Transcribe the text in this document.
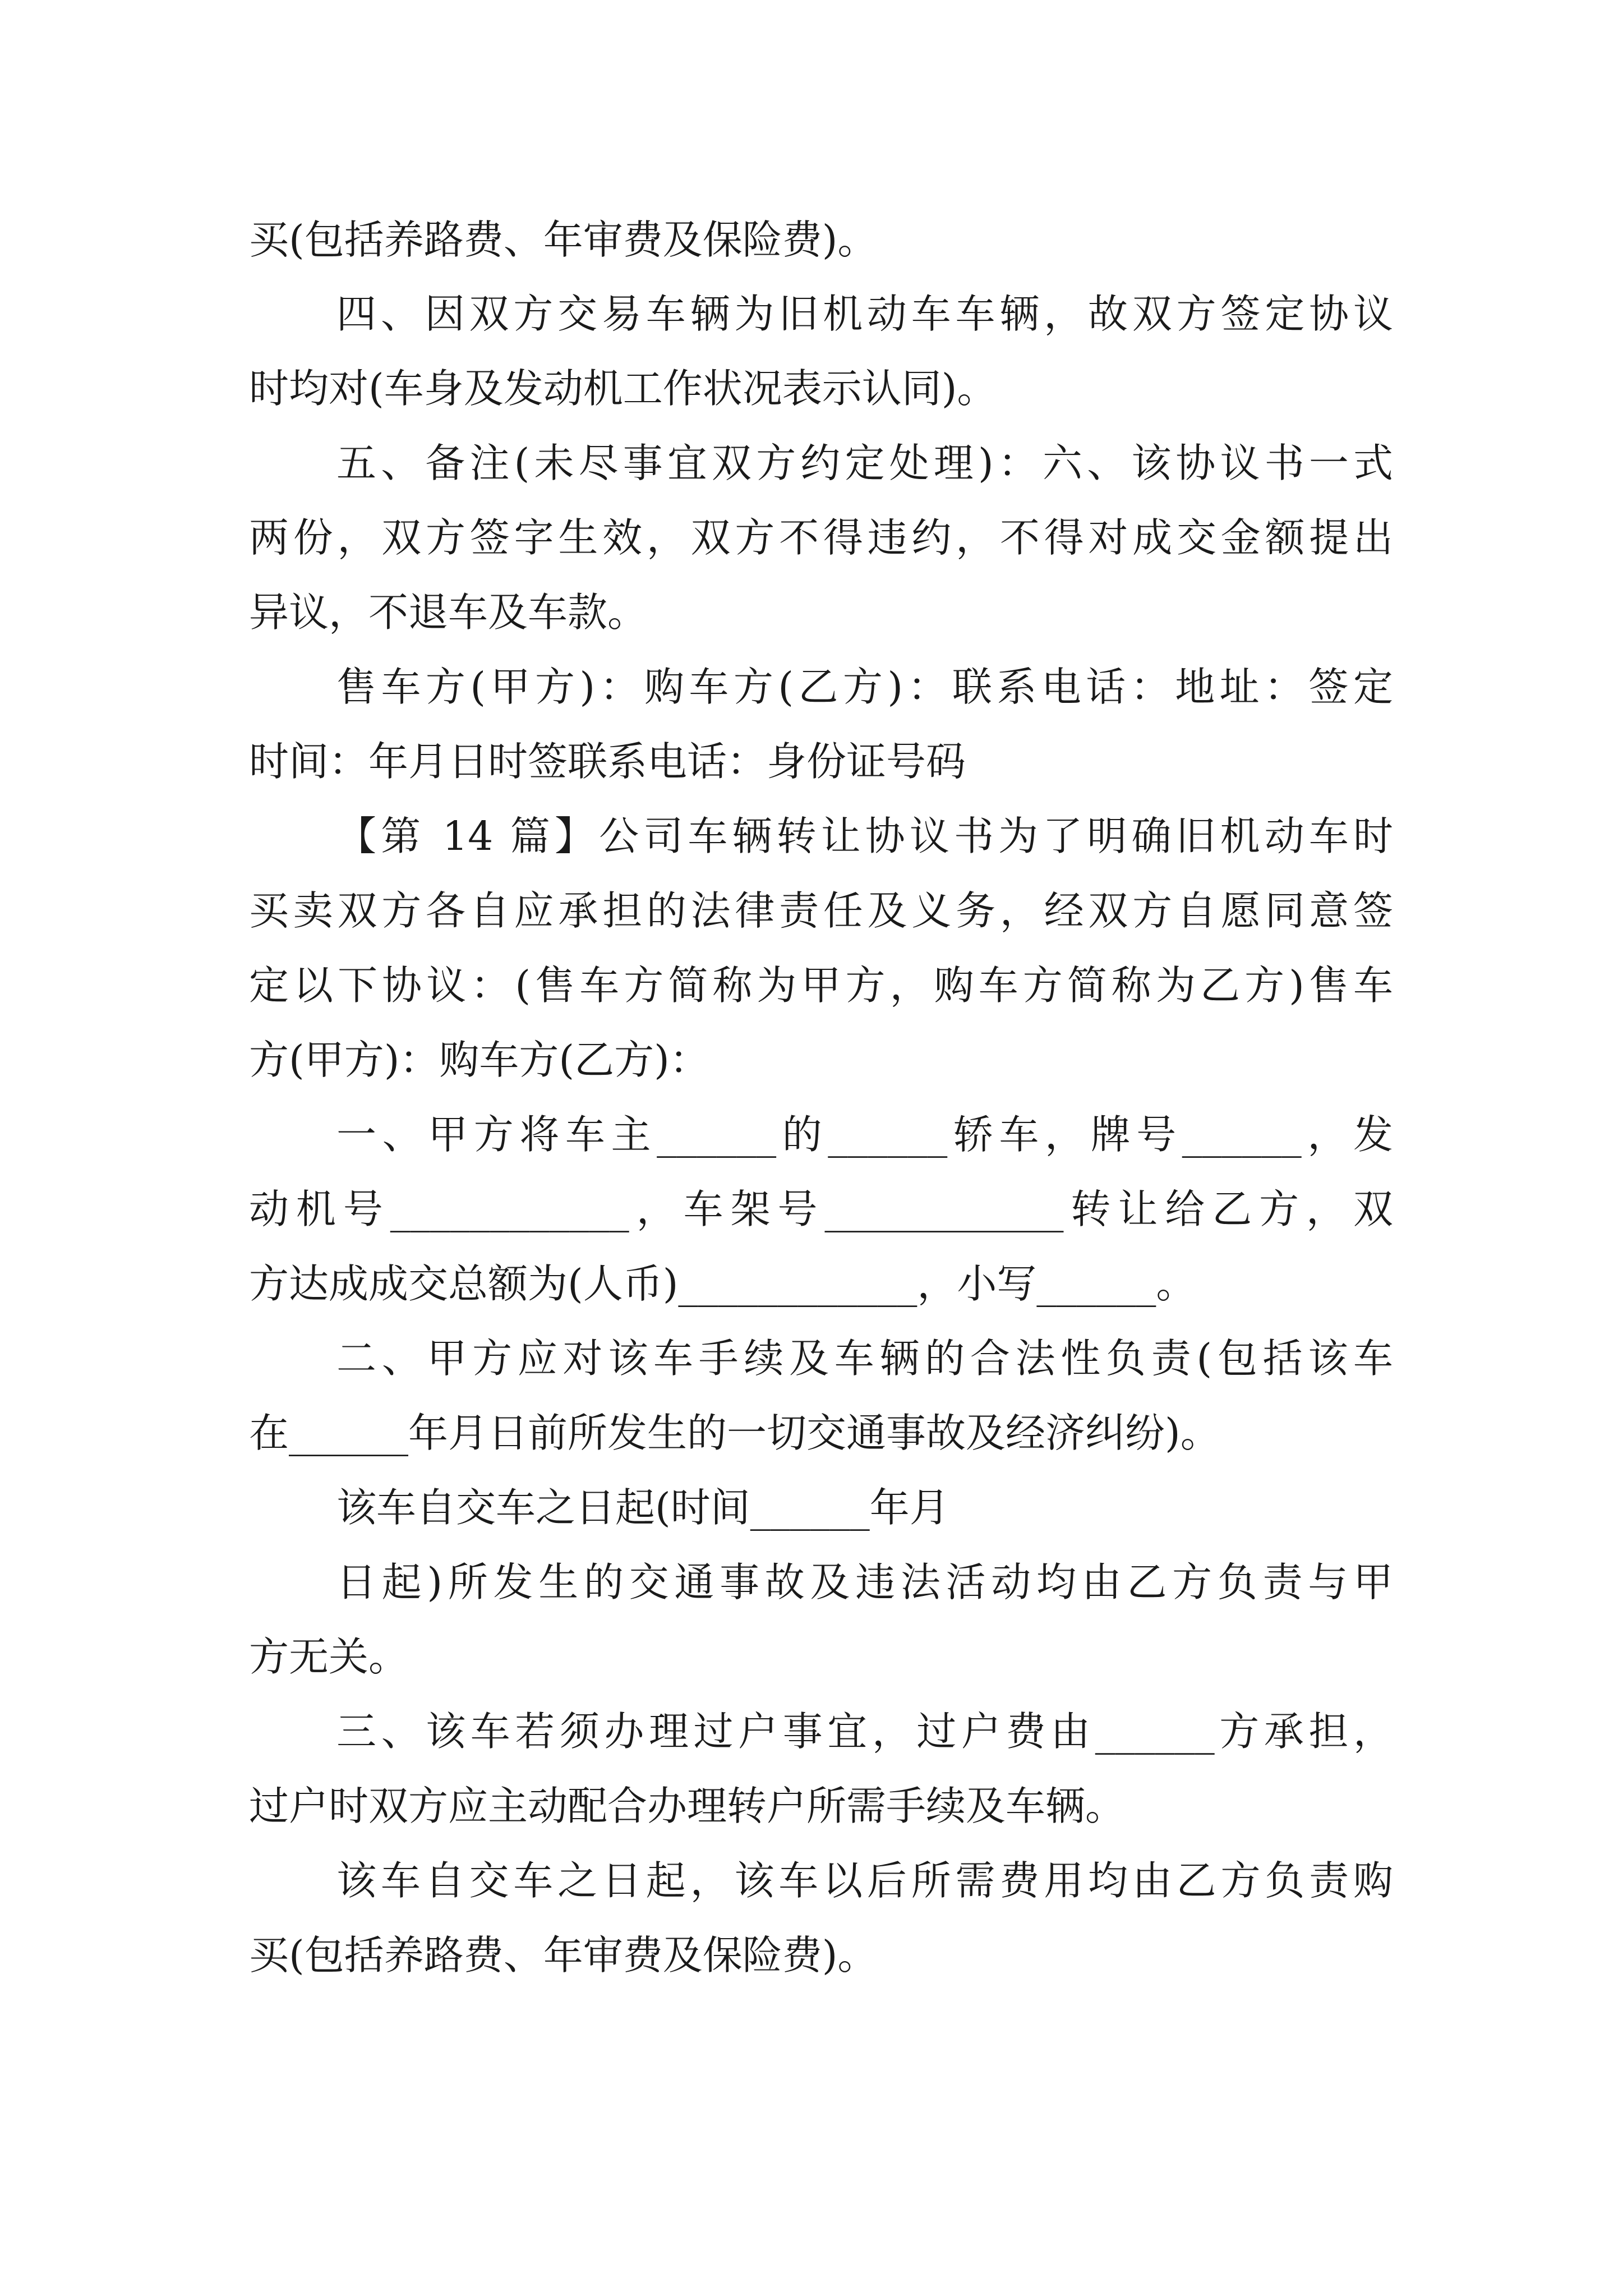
买(包括养路费、年审费及保险费)。
四、因双方交易车辆为旧机动车车辆，故双方签定协议
时均对(车身及发动机工作状况表示认同)。
五、备注(未尽事宜双方约定处理)：六、该协议书一式
两份，双方签字生效，双方不得违约，不得对成交金额提出
异议，不退车及车款。
售车方(甲方)：购车方(乙方)：联系电话：地址：签定
时间：年月日时签联系电话：身份证号码
【第 14 篇】公司车辆转让协议书为了明确旧机动车时
买卖双方各自应承担的法律责任及义务，经双方自愿同意签
定以下协议：(售车方简称为甲方，购车方简称为乙方)售车
方(甲方)：购车方(乙方)：
一、甲方将车主______的______轿车，牌号______，发
动机号____________，车架号____________转让给乙方，双
方达成成交总额为(人币)____________，小写______。
二、甲方应对该车手续及车辆的合法性负责(包括该车
在______年月日前所发生的一切交通事故及经济纠纷)。
该车自交车之日起(时间______年月
日起)所发生的交通事故及违法活动均由乙方负责与甲
方无关。
三、该车若须办理过户事宜，过户费由______方承担，
过户时双方应主动配合办理转户所需手续及车辆。
该车自交车之日起，该车以后所需费用均由乙方负责购
买(包括养路费、年审费及保险费)。
